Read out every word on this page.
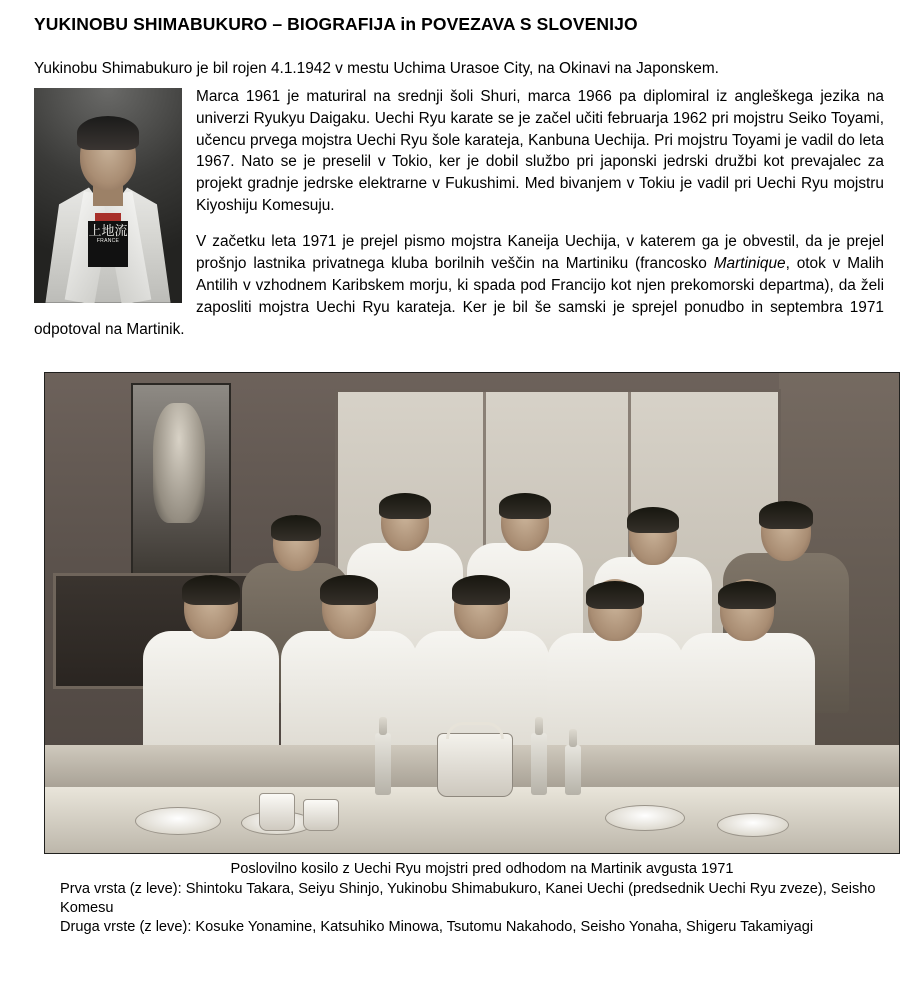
YUKINOBU SHIMABUKURO – BIOGRAFIJA in POVEZAVA S SLOVENIJO

Yukinobu Shimabukuro je bil rojen 4.1.1942 v mestu Uchima Urasoe City, na Okinavi na Japonskem.

上地流
FRANCE

Marca 1961 je maturiral na srednji šoli Shuri, marca 1966 pa diplomiral iz angleškega jezika na univerzi Ryukyu Daigaku. Uechi Ryu karate se je začel učiti februarja 1962 pri mojstru Seiko Toyami, učencu prvega mojstra Uechi Ryu šole karateja, Kanbuna Uechija. Pri mojstru Toyami je vadil do leta 1967. Nato se je preselil v Tokio, ker je dobil službo pri japonski jedrski družbi kot prevajalec za projekt gradnje jedrske elektrarne v Fukushimi. Med bivanjem v Tokiu je vadil pri Uechi Ryu mojstru Kiyoshiju Komesuju.

V začetku leta 1971 je prejel pismo mojstra Kaneija Uechija, v katerem ga je obvestil, da je prejel prošnjo lastnika privatnega kluba borilnih veščin na Martiniku (francosko Martinique, otok v Malih Antilih v vzhodnem Karibskem morju, ki spada pod Francijo kot njen prekomorski departma), da želi zaposliti mojstra Uechi Ryu karateja. Ker je bil še samski je sprejel ponudbo in septembra 1971 odpotoval na Martinik.

Poslovilno kosilo z Uechi Ryu mojstri pred odhodom na Martinik avgusta 1971
Prva vrsta (z leve): Shintoku Takara, Seiyu Shinjo, Yukinobu Shimabukuro, Kanei Uechi (predsednik Uechi Ryu zveze), Seisho Komesu
Druga vrste (z leve): Kosuke Yonamine, Katsuhiko Minowa, Tsutomu Nakahodo, Seisho Yonaha, Shigeru Takamiyagi
